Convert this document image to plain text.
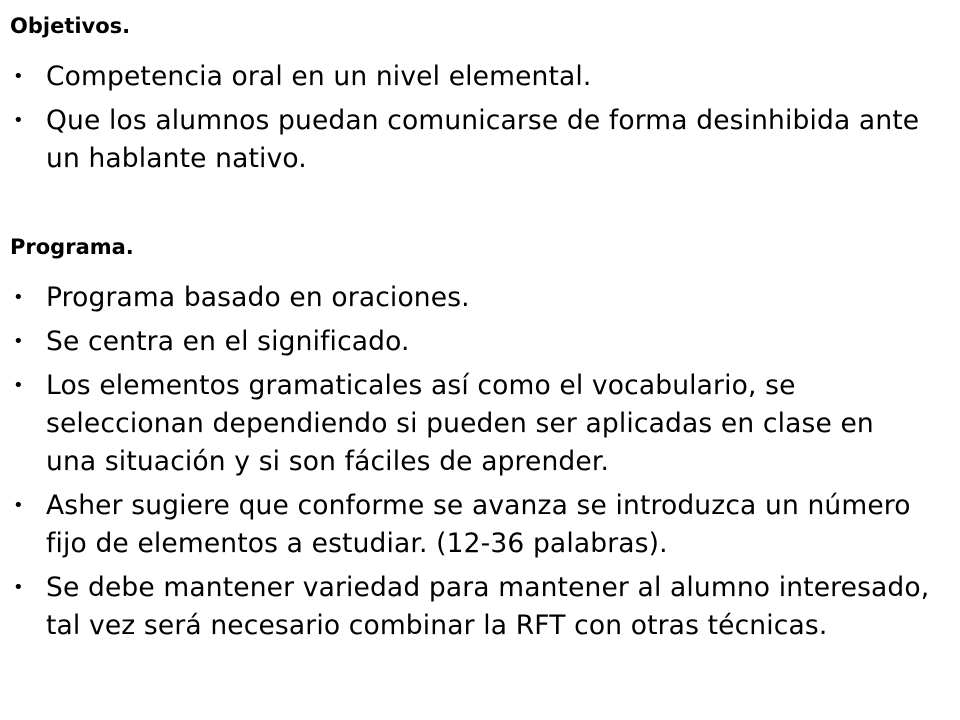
Objetivos.
• Competencia oral en un nivel elemental.
• Que los alumnos puedan comunicarse de forma desinhibida ante un hablante nativo.
Programa.
• Programa basado en oraciones.
• Se centra en el significado.
• Los elementos gramaticales así como el vocabulario, se seleccionan dependiendo si pueden ser aplicadas en clase en una situación y si son fáciles de aprender.
• Asher sugiere que conforme se avanza se introduzca un número fijo de elementos a estudiar. (12-36 palabras).
• Se debe mantener variedad para mantener al alumno interesado, tal vez será necesario combinar la RFT con otras técnicas.
